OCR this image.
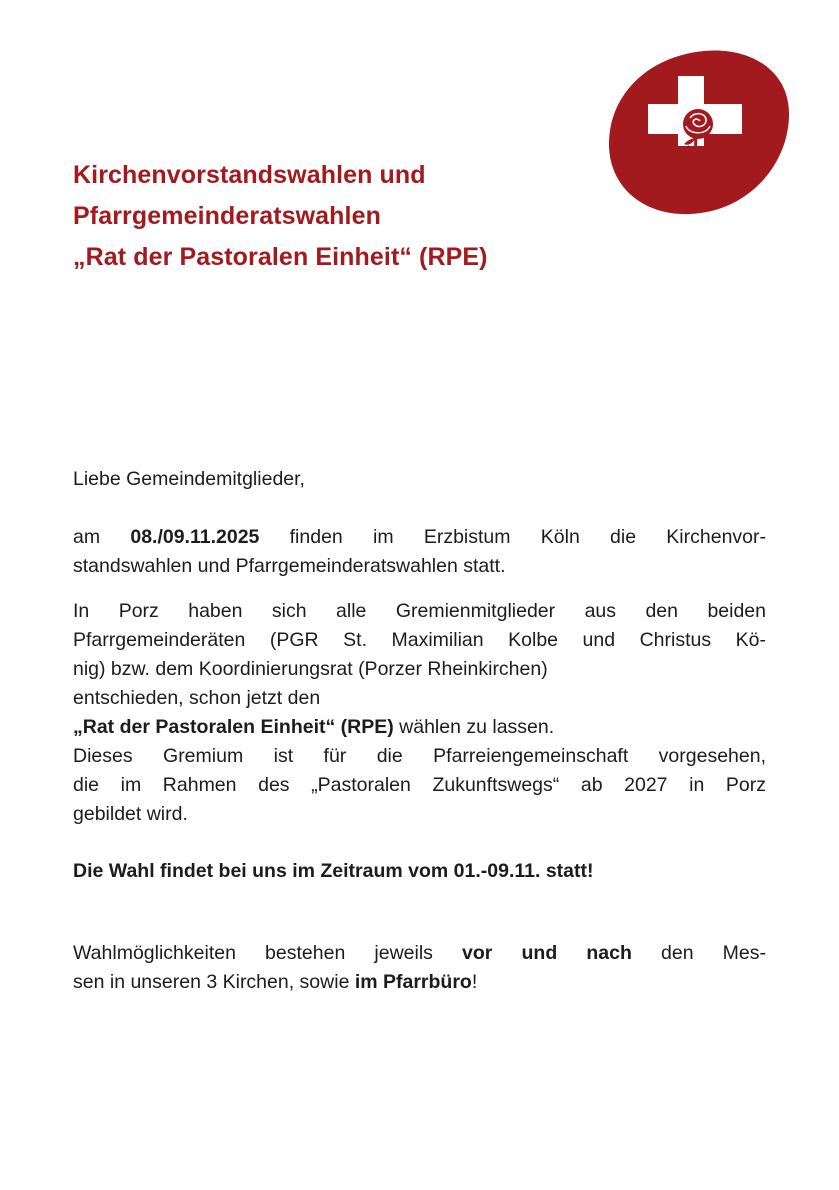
Kirchenvorstandswahlen und
Pfarrgemeinderatswahlen
„Rat der Pastoralen Einheit“ (RPE)

Liebe Gemeindemitglieder,

am 08./09.11.2025 finden im Erzbistum Köln die Kirchenvor-
standswahlen und Pfarrgemeinderatswahlen statt.

In Porz haben sich alle Gremienmitglieder aus den beiden
Pfarrgemeinderäten (PGR St. Maximilian Kolbe und Christus Kö-
nig) bzw. dem Koordinierungsrat (Porzer Rheinkirchen)
entschieden, schon jetzt den
„Rat der Pastoralen Einheit“ (RPE) wählen zu lassen.
Dieses Gremium ist für die Pfarreiengemeinschaft vorgesehen,
die im Rahmen des „Pastoralen Zukunftswegs“ ab 2027 in Porz
gebildet wird.

Die Wahl findet bei uns im Zeitraum vom 01.-09.11. statt!

Wahlmöglichkeiten bestehen jeweils vor und nach den Mes-
sen in unseren 3 Kirchen, sowie im Pfarrbüro!
